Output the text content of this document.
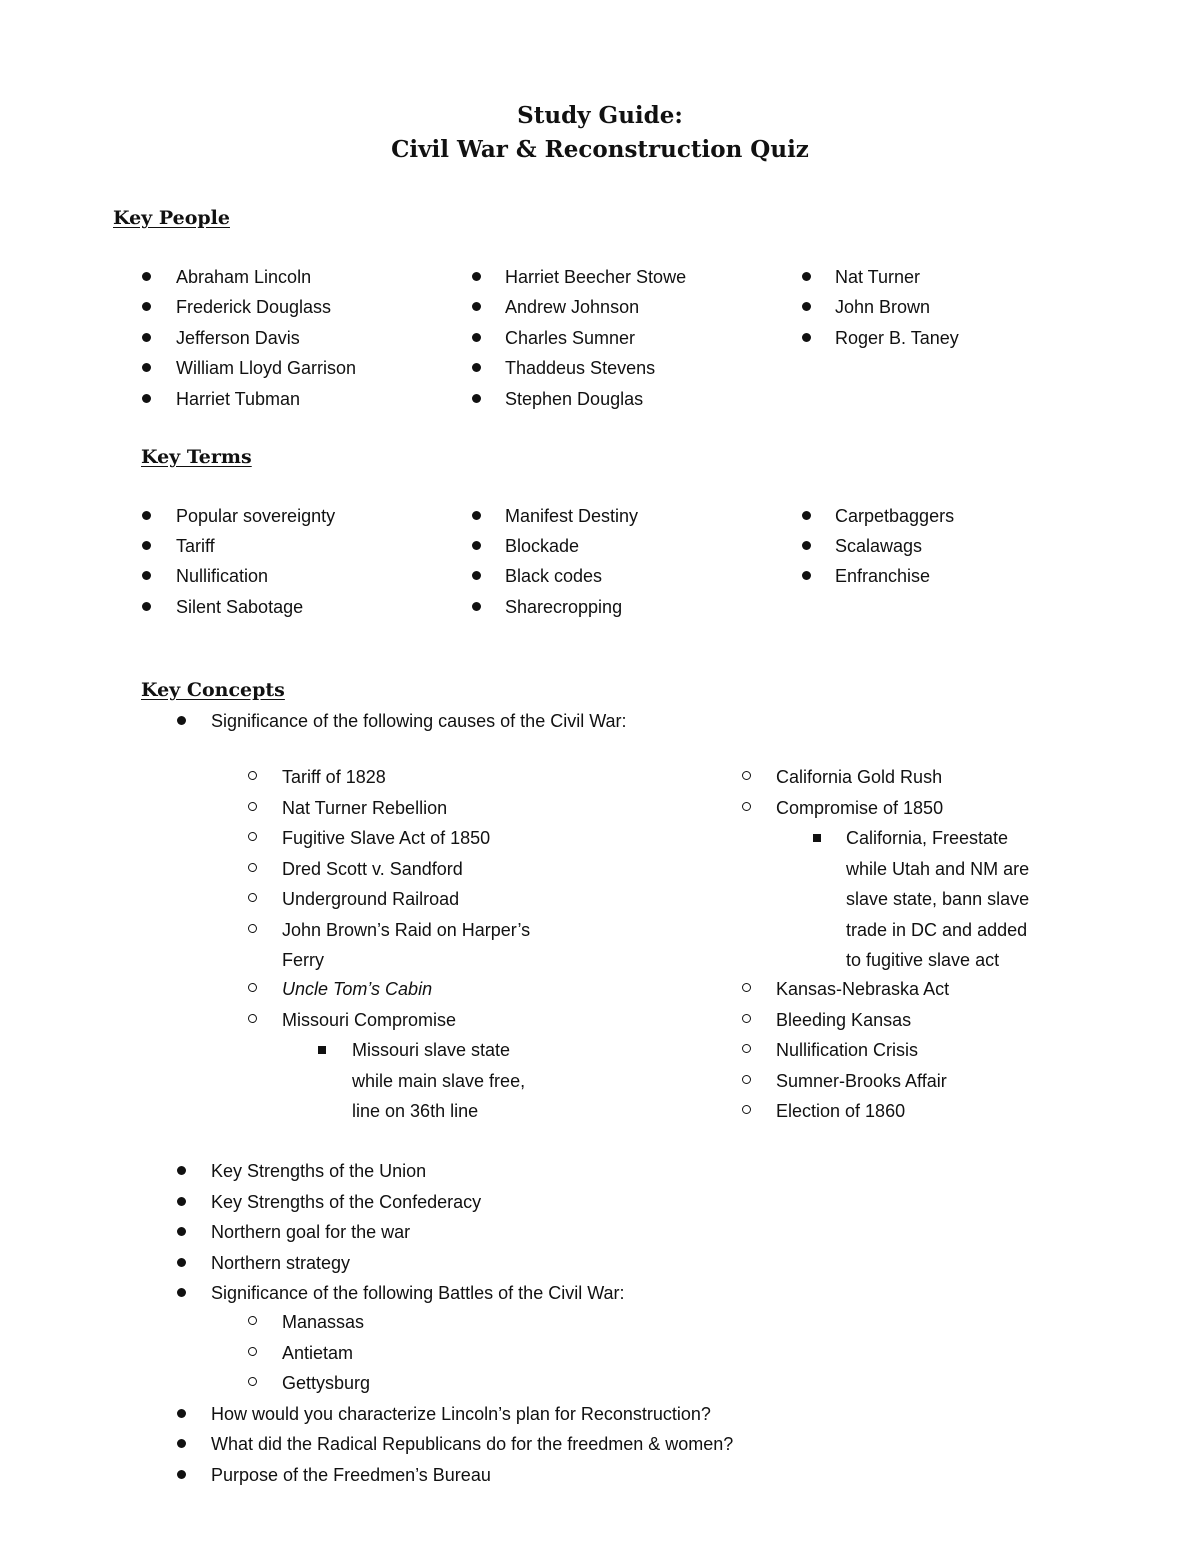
Study Guide:
Civil War & Reconstruction Quiz
Key People
Abraham Lincoln
Frederick Douglass
Jefferson Davis
William Lloyd Garrison
Harriet Tubman
Harriet Beecher Stowe
Andrew Johnson
Charles Sumner
Thaddeus Stevens
Stephen Douglas
Nat Turner
John Brown
Roger B. Taney
Key Terms
Popular sovereignty
Tariff
Nullification
Silent Sabotage
Manifest Destiny
Blockade
Black codes
Sharecropping
Carpetbaggers
Scalawags
Enfranchise
Key Concepts
Significance of the following causes of the Civil War:
Tariff of 1828
Nat Turner Rebellion
Fugitive Slave Act of 1850
Dred Scott v. Sandford
Underground Railroad
John Brown’s Raid on Harper’s
Ferry
Uncle Tom’s Cabin
Missouri Compromise
Missouri slave state
while main slave free,
line on 36th line
California Gold Rush
Compromise of 1850
California, Freestate
while Utah and NM are
slave state, bann slave
trade in DC and added
to fugitive slave act
Kansas-Nebraska Act
Bleeding Kansas
Nullification Crisis
Sumner-Brooks Affair
Election of 1860
Key Strengths of the Union
Key Strengths of the Confederacy
Northern goal for the war
Northern strategy
Significance of the following Battles of the Civil War:
Manassas
Antietam
Gettysburg
How would you characterize Lincoln’s plan for Reconstruction?
What did the Radical Republicans do for the freedmen & women?
Purpose of the Freedmen’s Bureau
